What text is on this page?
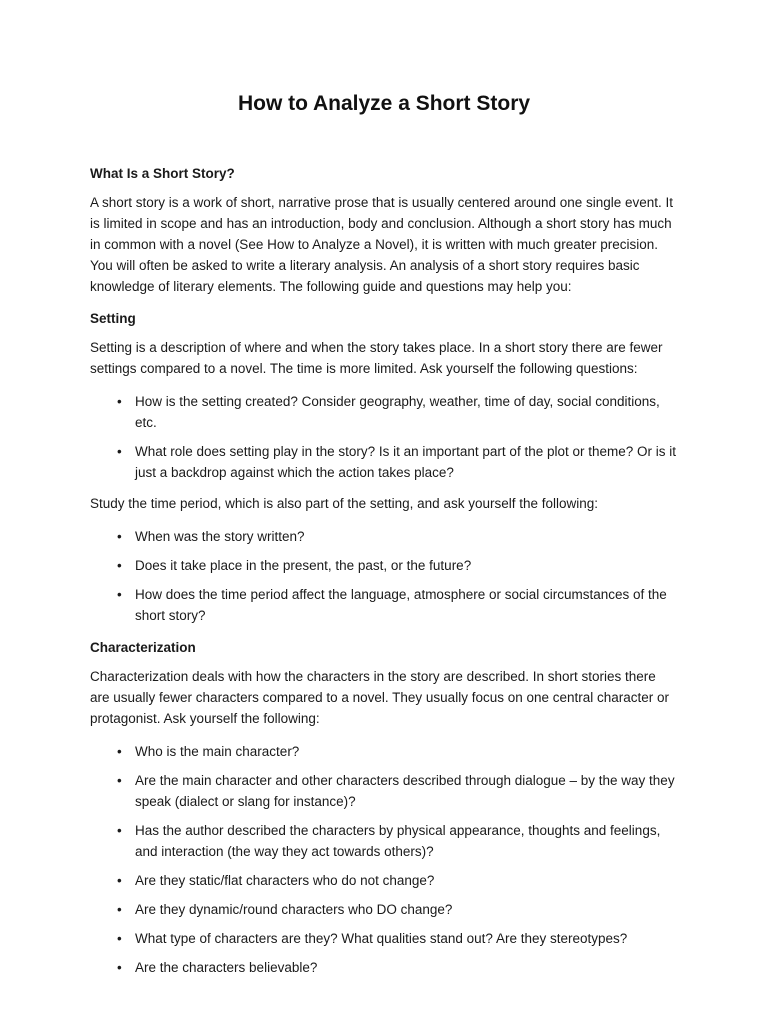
How to Analyze a Short Story
What Is a Short Story?

A short story is a work of short, narrative prose that is usually centered around one single event. It is limited in scope and has an introduction, body and conclusion. Although a short story has much in common with a novel (See How to Analyze a Novel), it is written with much greater precision. You will often be asked to write a literary analysis. An analysis of a short story requires basic knowledge of literary elements. The following guide and questions may help you:

Setting

Setting is a description of where and when the story takes place. In a short story there are fewer settings compared to a novel. The time is more limited. Ask yourself the following questions:

• How is the setting created? Consider geography, weather, time of day, social conditions, etc.
• What role does setting play in the story? Is it an important part of the plot or theme? Or is it just a backdrop against which the action takes place?

Study the time period, which is also part of the setting, and ask yourself the following:

• When was the story written?
• Does it take place in the present, the past, or the future?
• How does the time period affect the language, atmosphere or social circumstances of the short story?
Characterization

Characterization deals with how the characters in the story are described. In short stories there are usually fewer characters compared to a novel. They usually focus on one central character or protagonist. Ask yourself the following:

• Who is the main character?
• Are the main character and other characters described through dialogue – by the way they speak (dialect or slang for instance)?
• Has the author described the characters by physical appearance, thoughts and feelings, and interaction (the way they act towards others)?
• Are they static/flat characters who do not change?
• Are they dynamic/round characters who DO change?
• What type of characters are they? What qualities stand out? Are they stereotypes?
• Are the characters believable?
